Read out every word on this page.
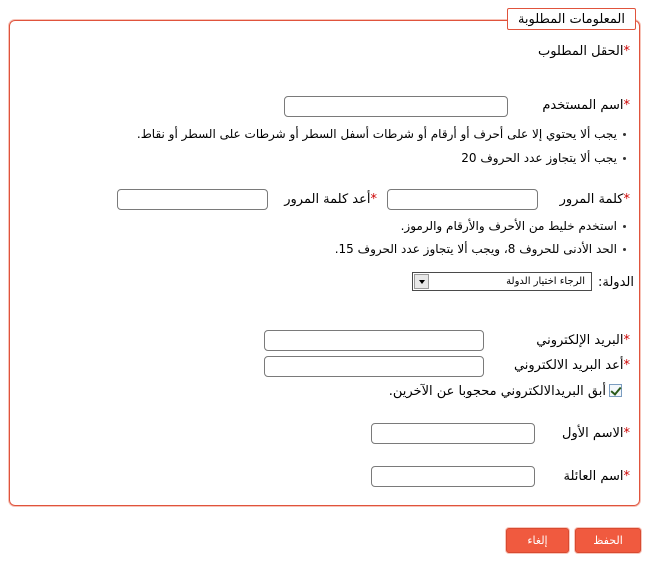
المعلومات المطلوبة
*الحقل المطلوب
*اسم المستخدم
يجب ألا يحتوي إلا على أحرف أو أرقام أو شرطات أسفل السطر أو شرطات على السطر أو نقاط.
يجب ألا يتجاوز عدد الحروف 20
*كلمة المرور
*أعد كلمة المرور
استخدم خليط من الأحرف والأرقام والرموز.
الحد الأدنى للحروف 8، ويجب ألا يتجاوز عدد الحروف 15.
الدولة:
الرجاء اختيار الدولة
*البريد الإلكتروني
*أعد البريد الالكتروني
أبق البريدالالكتروني محجوبا عن الآخرين.
*الاسم الأول
*اسم العائلة
الحفظ
إلغاء
